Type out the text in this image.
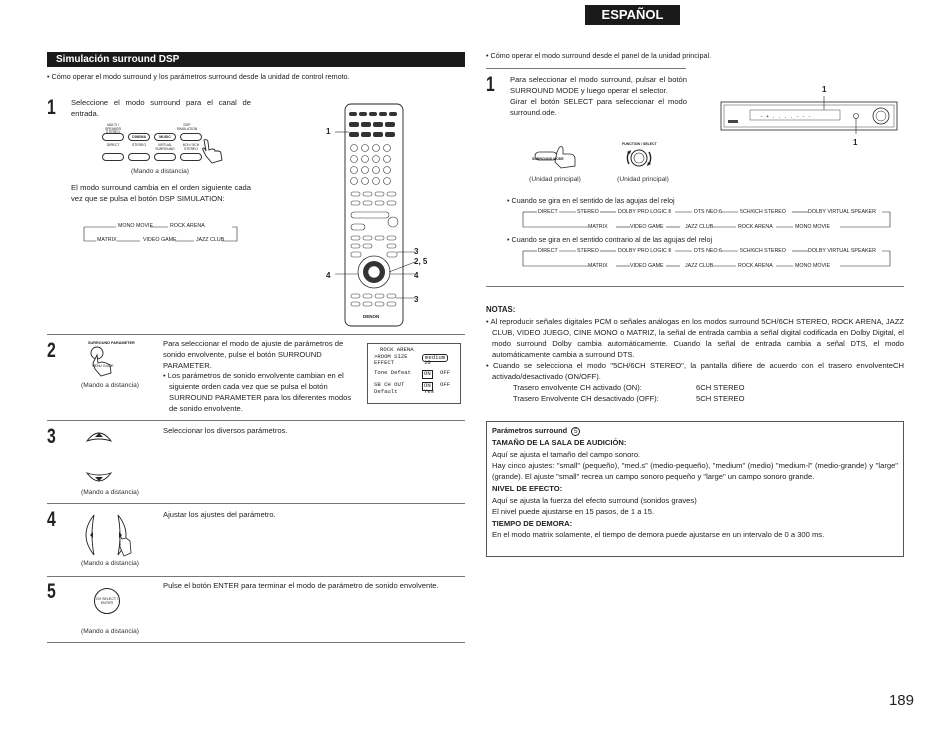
ESPAÑOL
Simulación surround DSP
• Cómo operar el modo surround y los parámetros surround desde la unidad de control remoto.
1 Seleccione el modo surround para el canal de entrada.
MULTI / SPEAKER
DSP SIMULATION
CINEMA	MUSIC
DIRECT	STEREO	VIRTUAL SURROUND
6CH / 5CH STEREO
(Mando a distancia)
El modo surround cambia en el orden siguiente cada vez que se pulsa el botón DSP SIMULATION:
MONO MOVIE	ROCK ARENA
MATRIX	VIDEO GAME	JAZZ CLUB
DENON
1
3
2, 5
4	4
3
2	SURROUND PARAMETER
MENU GUIDE
(Mando a distancia)
Para seleccionar el modo de ajuste de parámetros de sonido envolvente, pulse el botón SURROUND PARAMETER.
• Los parámetros de sonido envolvente cambian en el siguiente orden cada vez que se pulsa el botón SURROUND PARAMETER para los diferentes modos de sonido envolvente.
ROCK ARENA
>ROOM SIZE	medium
EFFECT	10
Tone Defeat	ON	OFF
SB CH OUT	ON	OFF
Default	Yes
3
(Mando a distancia)
Seleccionar los diversos parámetros.
4
(Mando a distancia)
Ajustar los ajustes del parámetro.
5	CH SELECT / ENTER
(Mando a distancia)
Pulse el botón ENTER para terminar el modo de parámetro de sonido envolvente.
• Cómo operar el modo surround desde el panel de la unidad principal.
1 Para seleccionar el modo surround, pulsar el botón SURROUND MODE y luego operar el selector.
Girar el botón SELECT para seleccionar el modo surround.ode.	- + . . . . - - -
1
1
SURROUND MODE
FUNCTION / SELECT
(Unidad principal)	(Unidad principal)
• Cuando se gira en el sentido de las agujas del reloj
DIRECT	STEREO	DOLBY PRO LOGIC Ⅱ	DTS NEO:6	5CH/6CH STEREO	DOLBY VIRTUAL SPEAKER
MATRIX	VIDEO GAME	JAZZ CLUB	ROCK ARENA	MONO MOVIE
• Cuando se gira en el sentido contrario al de las agujas del reloj
DIRECT	STEREO	DOLBY PRO LOGIC Ⅱ	DTS NEO:6	5CH/6CH STEREO	DOLBY VIRTUAL SPEAKER
MATRIX	VIDEO GAME	JAZZ CLUB	ROCK ARENA	MONO MOVIE
NOTAS:
• Al reproducir señales digitales PCM o señales análogas en los modos surround 5CH/6CH STEREO, ROCK ARENA, JAZZ CLUB, VIDEO JUEGO, CINE MONO o MATRIZ, la señal de entrada cambia a señal digital codificada en Dolby Digital, el modo surround Dolby cambia automáticamente. Cuando la señal de entrada cambia a señal DTS, el modo automáticamente cambia a surround DTS.
• Cuando se selecciona el modo "5CH/6CH STEREO", la pantalla difiere de acuerdo con el trasero envolventeCH activado/desactivado (ON/OFF).
Trasero envolvente CH activado (ON):	6CH STEREO
Trasero Envolvente CH desactivado (OFF):	5CH STEREO
Parámetros surround 5
TAMAÑO DE LA SALA DE AUDICIÓN:
Aquí se ajusta el tamaño del campo sonoro.
Hay cinco ajustes: "small" (pequeño), "med.s" (medio-pequeño), "medium" (medio) "medium-l" (medio-grande) y "large" (grande). El ajuste "small" recrea un campo sonoro pequeño y "large" un campo sonoro grande.
NIVEL DE EFECTO:
Aquí se ajusta la fuerza del efecto surround (sonidos graves)
El nivel puede ajustarse en 15 pasos, de 1 a 15.
TIEMPO DE DEMORA:
En el modo matrix solamente, el tiempo de demora puede ajustarse en un intervalo de 0 a 300 ms.
189
